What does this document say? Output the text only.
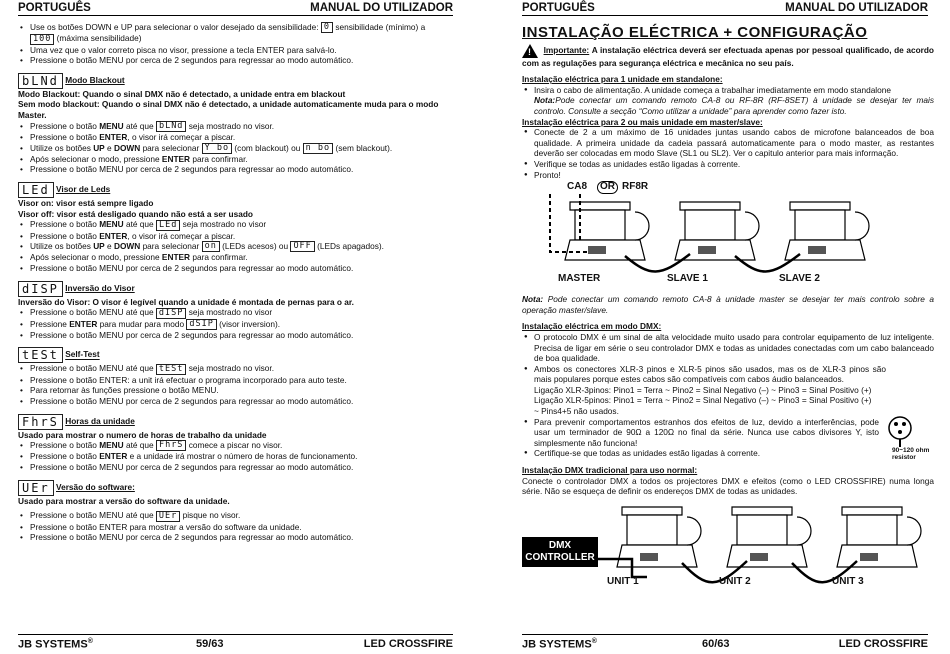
PORTUGUÊS	MANUAL DO UTILIZADOR
• Use os botões DOWN e UP para selecionar o valor desejado da sensibilidade: 0 sensibilidade (mínimo) a
100 (máxima sensibilidade)
• Uma vez que o valor correto pisca no visor, pressione a tecla ENTER para salvá-lo.
• Pressione o botão MENU por cerca de 2 segundos para regressar ao modo automático.
bLNd Modo Blackout
Modo Blackout: Quando o sinal DMX não é detectado, a unidade entra em blackout
Sem modo blackout: Quando o sinal DMX não é detectado, a unidade automaticamente muda para o modo Master.
• Pressione o botão MENU até que bLNd seja mostrado no visor.
• Pressione o botão ENTER, o visor irá começar a piscar.
• Utilize os botões UP e DOWN para selecionar Y bo (com blackout) ou n bo (sem blackout).
• Após selecionar o modo, pressione ENTER para confirmar.
• Pressione o botão MENU por cerca de 2 segundos para regressar ao modo automático.
LEd Visor de Leds
Visor on: visor está sempre ligado
Visor off: visor está desligado quando não está a ser usado
• Pressione o botão MENU até que LEd seja mostrado no visor
• Pressione o botão ENTER, o visor irá começar a piscar.
• Utilize os botões UP e DOWN para selecionar on (LEDs acesos) ou OFF (LEDs apagados).
• Após selecionar o modo, pressione ENTER para confirmar.
• Pressione o botão MENU por cerca de 2 segundos para regressar ao modo automático.
dISP Inversão do Visor
Inversão do Visor: O visor é legível quando a unidade é montada de pernas para o ar.
• Pressione o botão MENU até que dISP seja mostrado no visor
• Pressione ENTER para mudar para modo dSIP (visor inversion).
• Pressione o botão MENU por cerca de 2 segundos para regressar ao modo automático.
tESt Self-Test
• Pressione o botão MENU até que tESt seja mostrado no visor.
• Pressione o botão ENTER: a unit irá efectuar o programa incorporado para auto teste.
• Para retornar às funções pressione o botão MENU.
• Pressione o botão MENU por cerca de 2 segundos para regressar ao modo automático.
FhrS Horas da unidade
Usado para mostrar o numero de horas de trabalho da unidade
• Pressione o botão MENU até que FhrS comece a piscar no visor.
• Pressione o botão ENTER e a unidade irá mostrar o número de horas de funcionamento.
• Pressione o botão MENU por cerca de 2 segundos para regressar ao modo automático.
UEr Versão do software:
Usado para mostrar a versão do software da unidade.
• Pressione o botão MENU até que UEr pisque no visor.
• Pressione o botão ENTER para mostrar a versão do software da unidade.
• Pressione o botão MENU por cerca de 2 segundos para regressar ao modo automático.
JB SYSTEMS®	59/63	LED CROSSFIRE
PORTUGUÊS	MANUAL DO UTILIZADOR
INSTALAÇÃO ELÉCTRICA + CONFIGURAÇÃO
! Importante: A instalação eléctrica deverá ser efectuada apenas por pessoal qualificado, de acordo com as regulações para segurança eléctrica e mecânica no seu país.
Instalação eléctrica para 1 unidade em standalone:
● Insira o cabo de alimentação. A unidade começa a trabalhar imediatamente em modo standalone
Nota:Pode conectar um comando remoto CA-8 ou RF-8R (RF-8SET) à unidade se desejar ter mais controlo. Consulte a secção “Como utilizar a unidade” para aprender como fazer isto.
Instalação eléctrica para 2 ou mais unidade em master/slave:
● Conecte de 2 a um máximo de 16 unidades juntas usando cabos de microfone balanceados de boa qualidade. A primeira unidade da cadeia passará automaticamente para o modo master, as restantes deverão ser colocadas em modo Slave (SL1 ou SL2). Ver o capitulo anterior para mais informação.
● Verifique se todas as unidades estão ligadas à corrente.
● Pronto!
CA8	OR RF8R
MASTER	SLAVE 1	SLAVE 2
Nota: Pode conectar um comando remoto CA-8 à unidade master se desejar ter mais controlo sobre a operação master/slave.
Instalação eléctrica em modo DMX:
● O protocolo DMX é um sinal de alta velocidade muito usado para controlar equipamento de luz inteligente. Precisa de ligar em série o seu controlador DMX e todas as unidades conectadas com um cabo balanceado de boa qualidade.
● Ambos os conectores XLR-3 pinos e XLR-5 pinos são usados, mas os de XLR-3 pinos são mais populares porque estes cabos são compatíveis com cabos áudio balanceados.
Ligação XLR-3pinos: Pino1 = Terra ~ Pino2 = Sinal Negativo (–) ~ Pino3 = Sinal Positivo (+)
Ligação XLR-5pinos: Pino1 = Terra ~ Pino2 = Sinal Negativo (–) ~ Pino3 = Sinal Positivo (+)
~ Pins4+5 não usados.
● Para prevenir comportamentos estranhos dos efeitos de luz, devido a interferências, pode usar um terminador de 90Ω a 120Ω no final da série. Nunca use cabos divisores Y, isto simplesmente não funciona!
● Certifique-se que todas as unidades estão ligadas à corrente.	90~120 ohm resistor
Instalação DMX tradicional para uso normal:
Conecte o controlador DMX a todos os projectores DMX e efeitos (como o LED CROSSFIRE) numa longa série. Não se esqueça de definir os endereços DMX de todas as unidades.
DMX
CONTROLLER
UNIT 1	UNIT 2	UNIT 3
JB SYSTEMS®	60/63	LED CROSSFIRE
